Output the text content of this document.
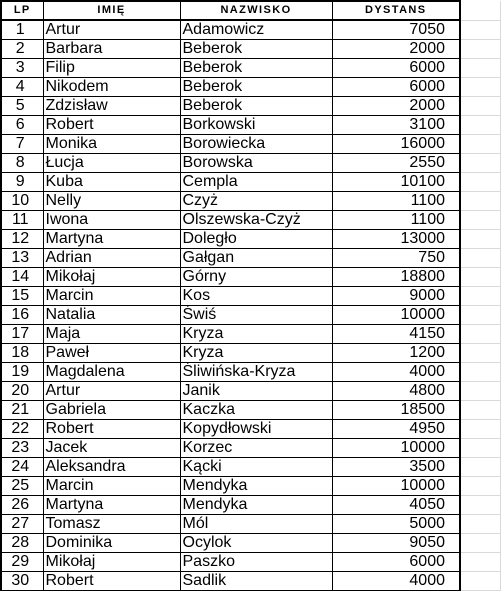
LP	IMIĘ	NAZWISKO	DYSTANS	
1	Artur	Adamowicz	7050	
2	Barbara	Beberok	2000	
3	Filip	Beberok	6000	
4	Nikodem	Beberok	6000	
5	Zdzisław	Beberok	2000	
6	Robert	Borkowski	3100	
7	Monika	Borowiecka	16000	
8	Łucja	Borowska	2550	
9	Kuba	Cempla	10100	
10	Nelly	Czyż	1100	
11	Iwona	Olszewska-Czyż	1100	
12	Martyna	Doległo	13000	
13	Adrian	Gałgan	750	
14	Mikołaj	Górny	18800	
15	Marcin	Kos	9000	
16	Natalia	Świś	10000	
17	Maja	Kryza	4150	
18	Paweł	Kryza	1200	
19	Magdalena	Śliwińska-Kryza	4000	
20	Artur	Janik	4800	
21	Gabriela	Kaczka	18500	
22	Robert	Kopydłowski	4950	
23	Jacek	Korzec	10000	
24	Aleksandra	Kącki	3500	
25	Marcin	Mendyka	10000	
26	Martyna	Mendyka	4050	
27	Tomasz	Mól	5000	
28	Dominika	Ocylok	9050	
29	Mikołaj	Paszko	6000	
30	Robert	Sadlik	4000	
